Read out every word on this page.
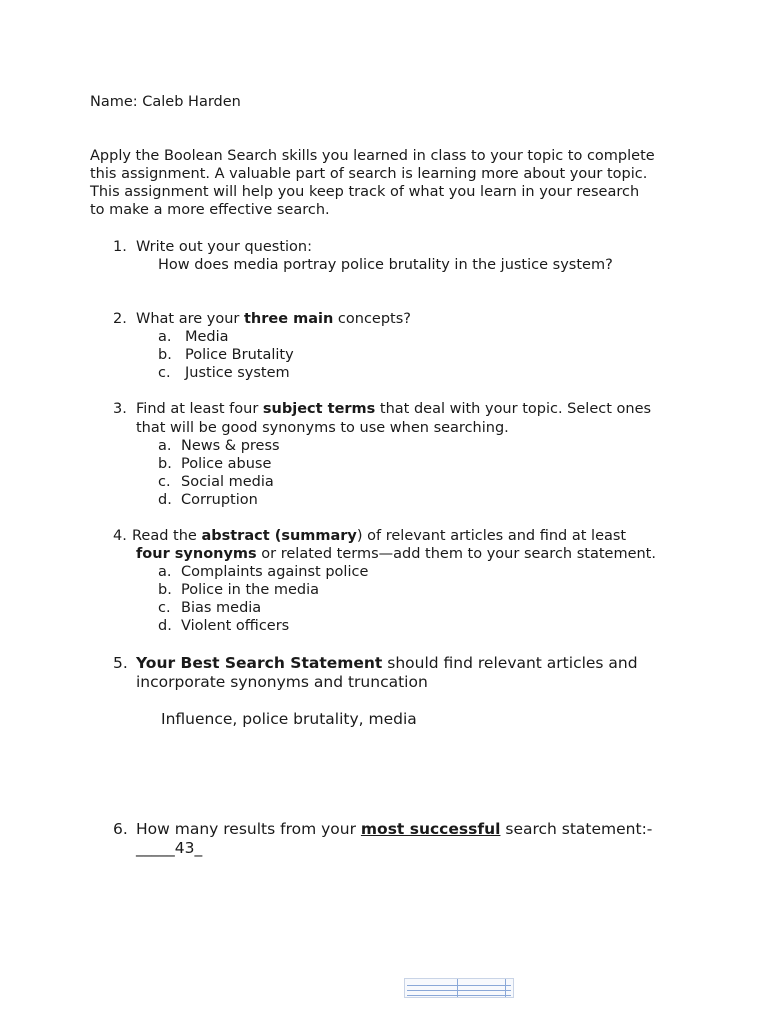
Name: Caleb Harden
Apply the Boolean Search skills you learned in class to your topic to complete
this assignment. A valuable part of search is learning more about your topic.
This assignment will help you keep track of what you learn in your research
to make a more effective search.
1. Write out your question:
How does media portray police brutality in the justice system?
2. What are your three main concepts?
a. Media
b. Police Brutality
c. Justice system
3. Find at least four subject terms that deal with your topic. Select ones
that will be good synonyms to use when searching.
a. News & press
b. Police abuse
c. Social media
d. Corruption
4. Read the abstract (summary) of relevant articles and find at least
four synonyms or related terms—add them to your search statement.
a. Complaints against police
b. Police in the media
c. Bias media
d. Violent officers
5. Your Best Search Statement should find relevant articles and
incorporate synonyms and truncation
Influence, police brutality, media
6. How many results from your most successful search statement:-
_____43_
